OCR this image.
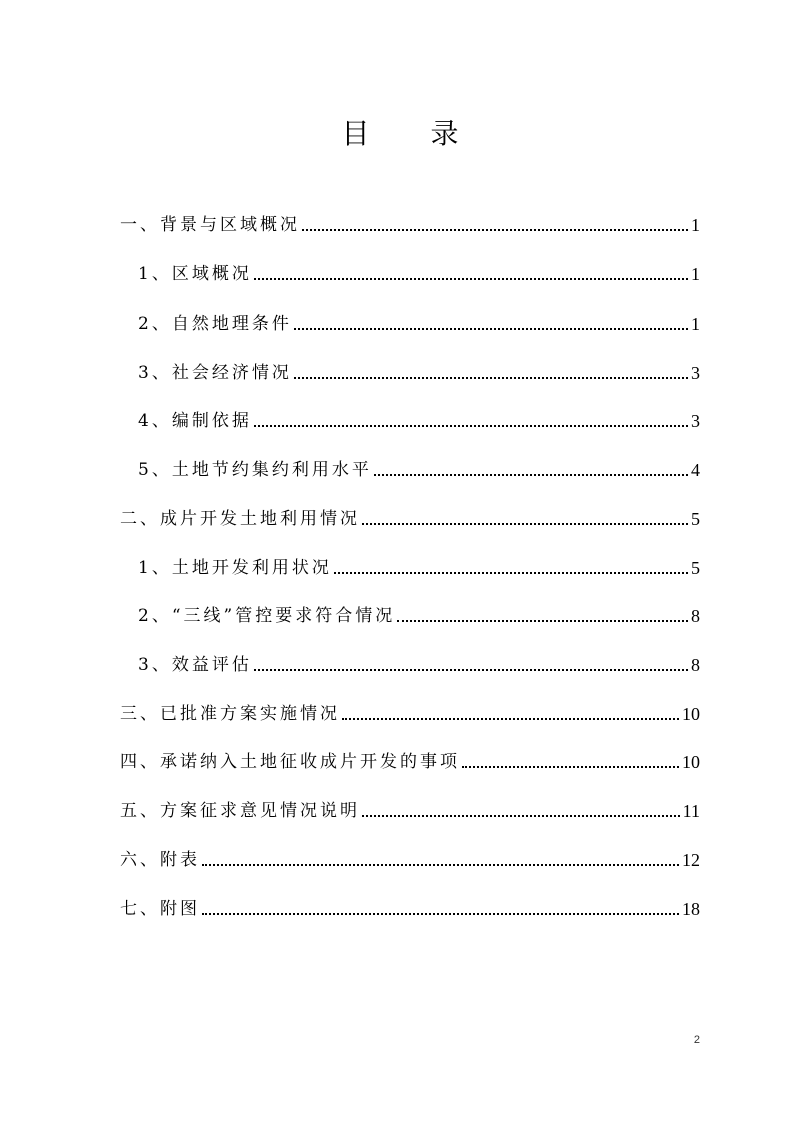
目 录
一、背景与区域概况	1
1、区域概况	1
2、自然地理条件	1
3、社会经济情况	3
4、编制依据	3
5、土地节约集约利用水平	4
二、成片开发土地利用情况	5
1、土地开发利用状况	5
2、“三线”管控要求符合情况	8
3、效益评估	8
三、已批准方案实施情况	10
四、承诺纳入土地征收成片开发的事项	10
五、方案征求意见情况说明	11
六、附表	12
七、附图	18
2
